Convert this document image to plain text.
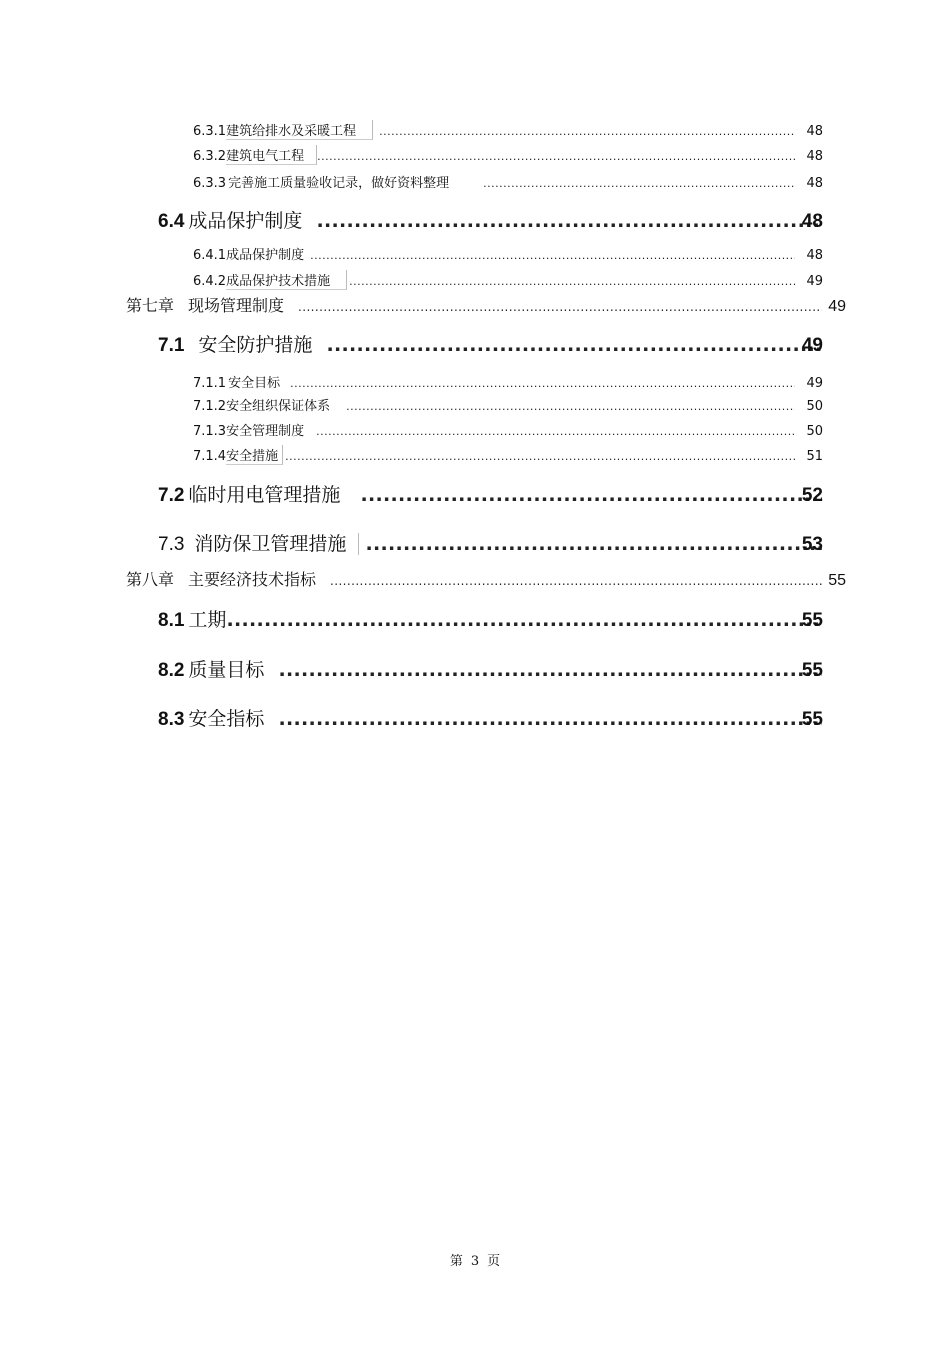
6.3.1 建筑给排水及采暖工程 .....	48
6.3.2 建筑电气工程 .....	48
6.3.3 完善施工质量验收记录，做好资料整理 .....	48
6.4 成品保护制度 .....	48
6.4.1 成品保护制度 .....	48
6.4.2 成品保护技术措施 .....	49
第七章 现场管理制度 .....	49
7.1 安全防护措施 .....	49
7.1.1 安全目标 .....	49
7.1.2 安全组织保证体系 .....	50
7.1.3 安全管理制度 .....	50
7.1.4 安全措施 .....	51
7.2 临时用电管理措施 .....	52
7.3 消防保卫管理措施 .....	53
第八章 主要经济技术指标 .....	55
8.1 工期 .....	55
8.2 质量目标 .....	55
8.3 安全指标 .....	55
第 3 页
